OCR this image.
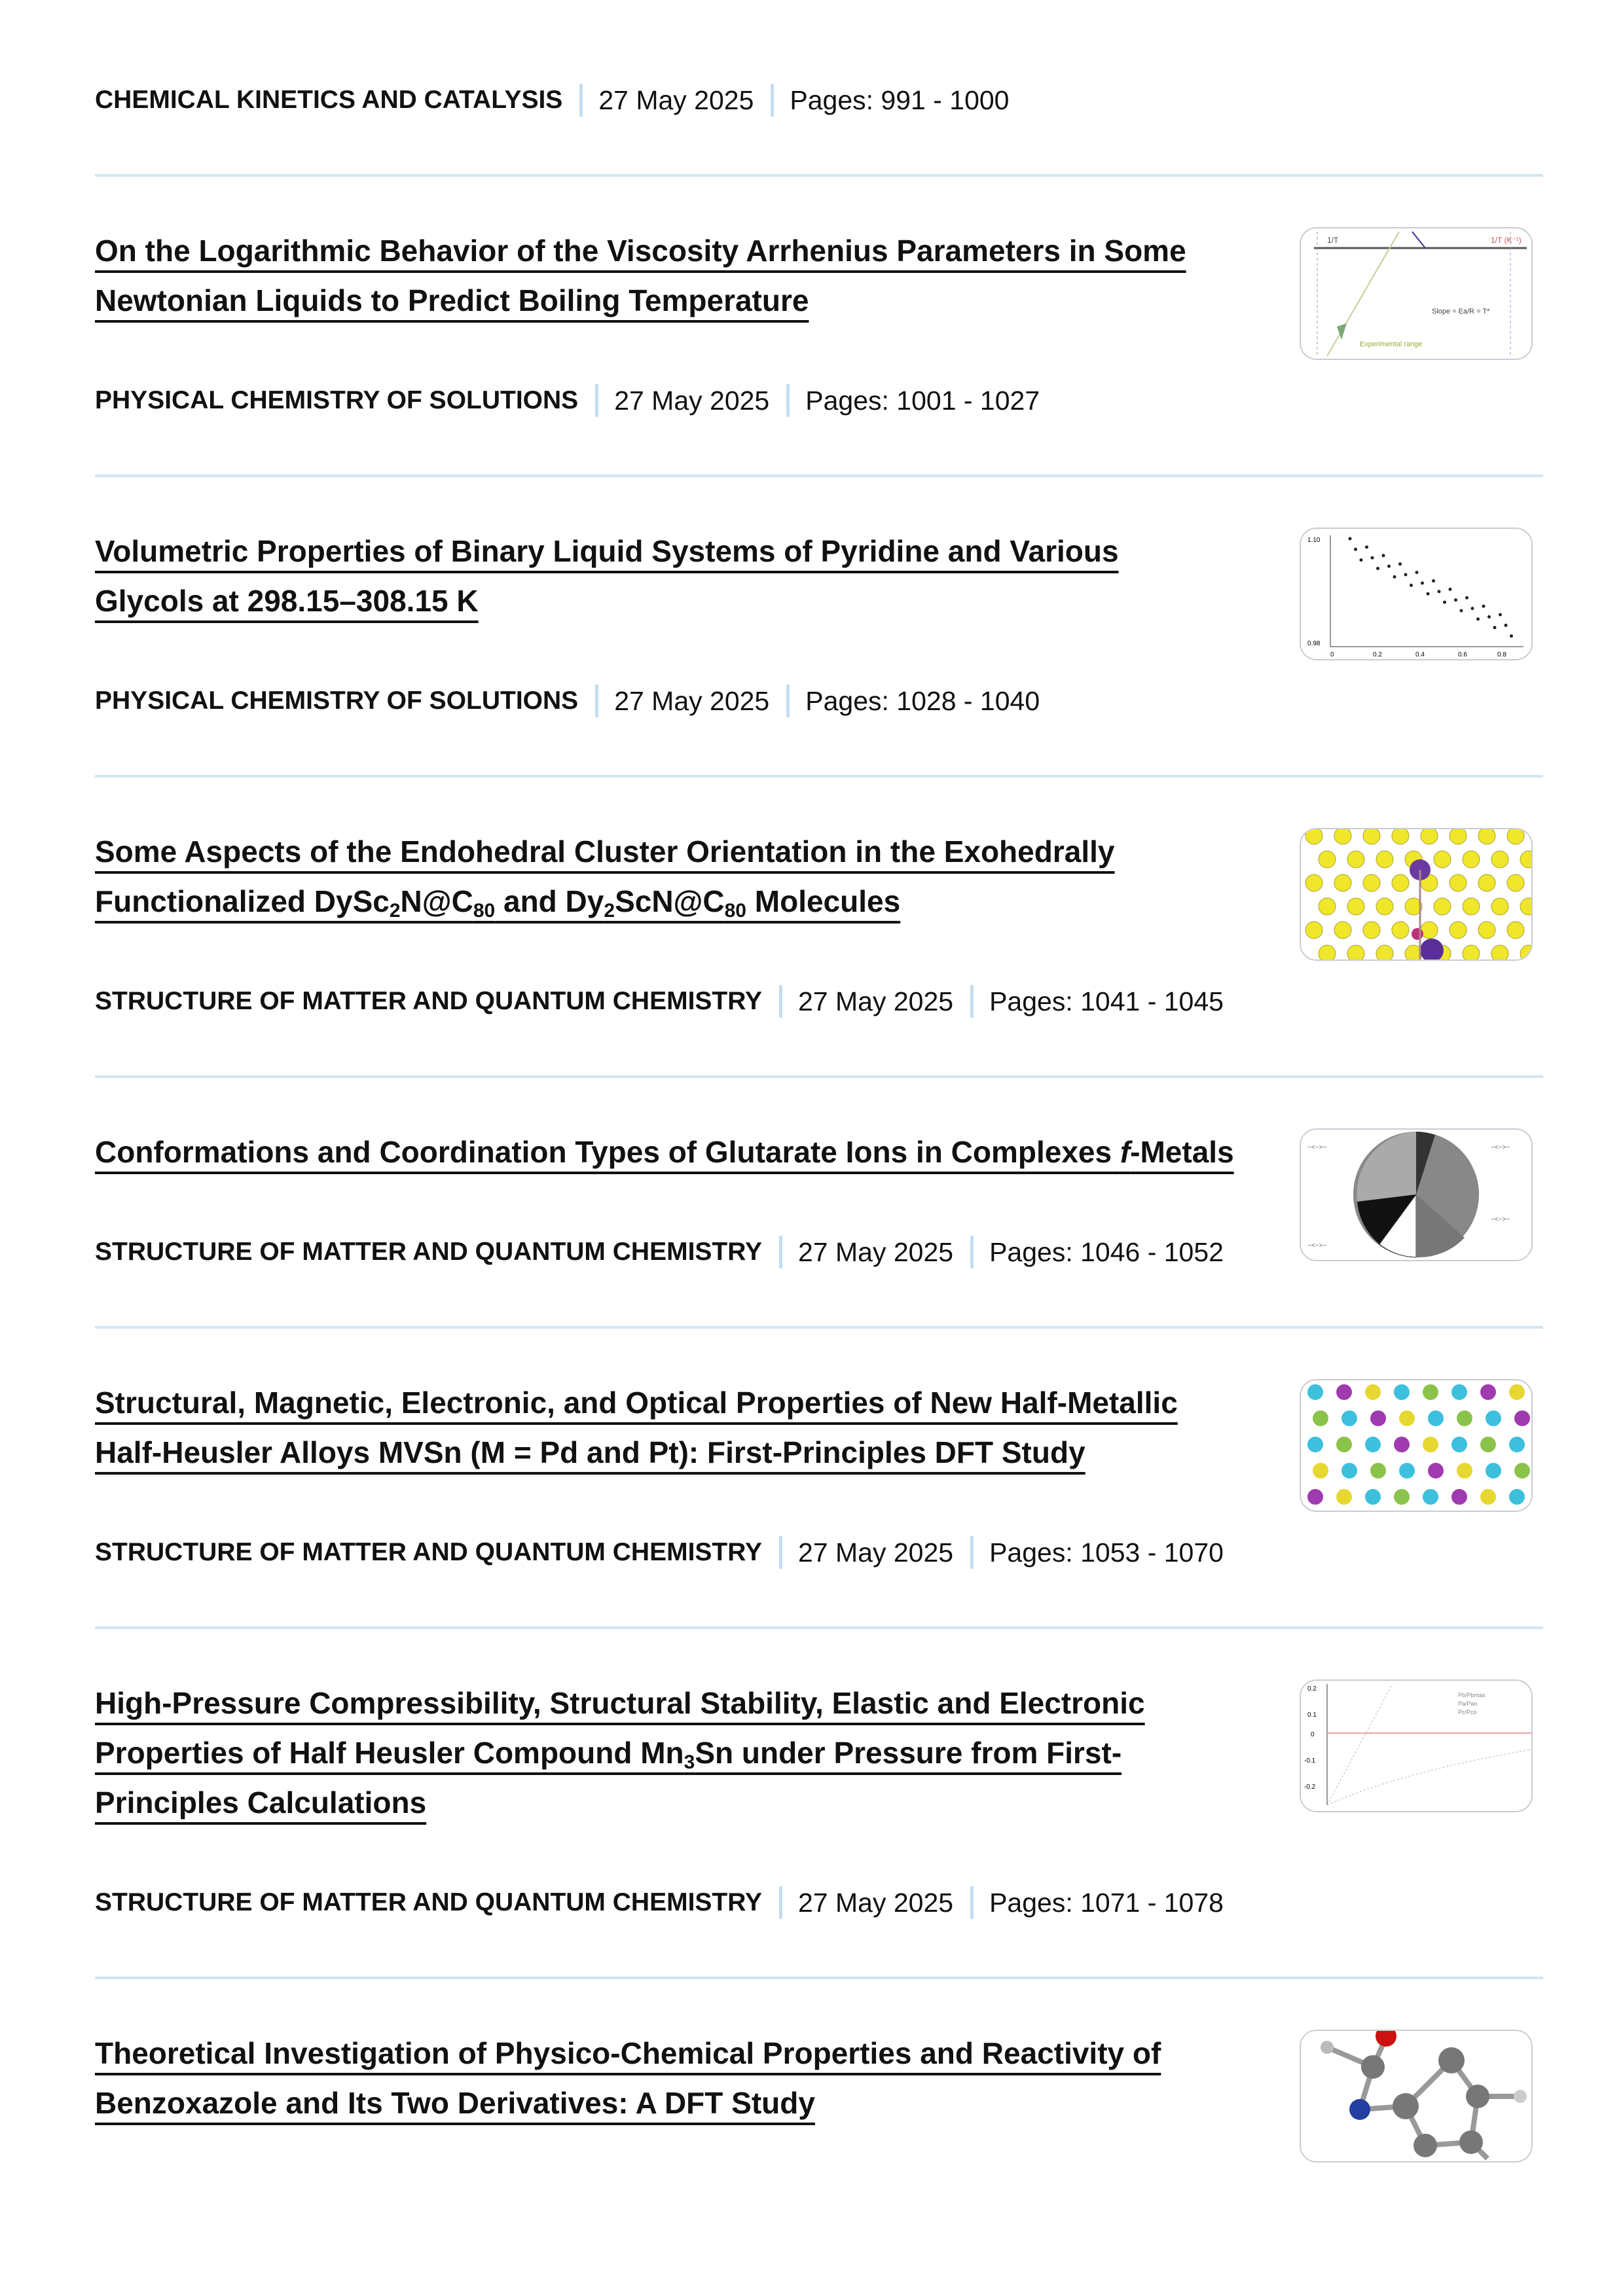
CHEMICAL KINETICS AND CATALYSIS 27 May 2025 Pages: 991 - 1000
On the Logarithmic Behavior of the Viscosity Arrhenius Parameters in Some Newtonian Liquids to Predict Boiling Temperature
PHYSICAL CHEMISTRY OF SOLUTIONS 27 May 2025 Pages: 1001 - 1027
1/T	1/T (K⁻¹)
Slope = Ea/R = T*
Experimental range
Volumetric Properties of Binary Liquid Systems of Pyridine and Various Glycols at 298.15–308.15 K
PHYSICAL CHEMISTRY OF SOLUTIONS 27 May 2025 Pages: 1028 - 1040
1.10
0.98
0	0.2	0.4	0.6	0.8
Some Aspects of the Endohedral Cluster Orientation in the Exohedrally Functionalized $DySc_2N@C_{80}$ and $Dy_2ScN@C_{80}$ Molecules
STRUCTURE OF MATTER AND QUANTUM CHEMISTRY 27 May 2025 Pages: 1041 - 1045
Conformations and Coordination Types of Glutarate Ions in Complexes f-Metals
STRUCTURE OF MATTER AND QUANTUM CHEMISTRY 27 May 2025 Pages: 1046 - 1052
~<~>~	~<~>~
~<~>~
~<~>~
Structural, Magnetic, Electronic, and Optical Properties of New Half-Metallic Half-Heusler Alloys MVSn (M = Pd and Pt): First-Principles DFT Study
STRUCTURE OF MATTER AND QUANTUM CHEMISTRY 27 May 2025 Pages: 1053 - 1070
High-Pressure Compressibility, Structural Stability, Elastic and Electronic Properties of Half Heusler Compound $Mn_3Sn$ under Pressure from First-Principles Calculations
STRUCTURE OF MATTER AND QUANTUM CHEMISTRY 27 May 2025 Pages: 1071 - 1078
0.2
0.1
0
-0.1
-0.2
Pb/Pbmax
Pa/Pao
Pc/Pco
Theoretical Investigation of Physico-Chemical Properties and Reactivity of Benzoxazole and Its Two Derivatives: A DFT Study
